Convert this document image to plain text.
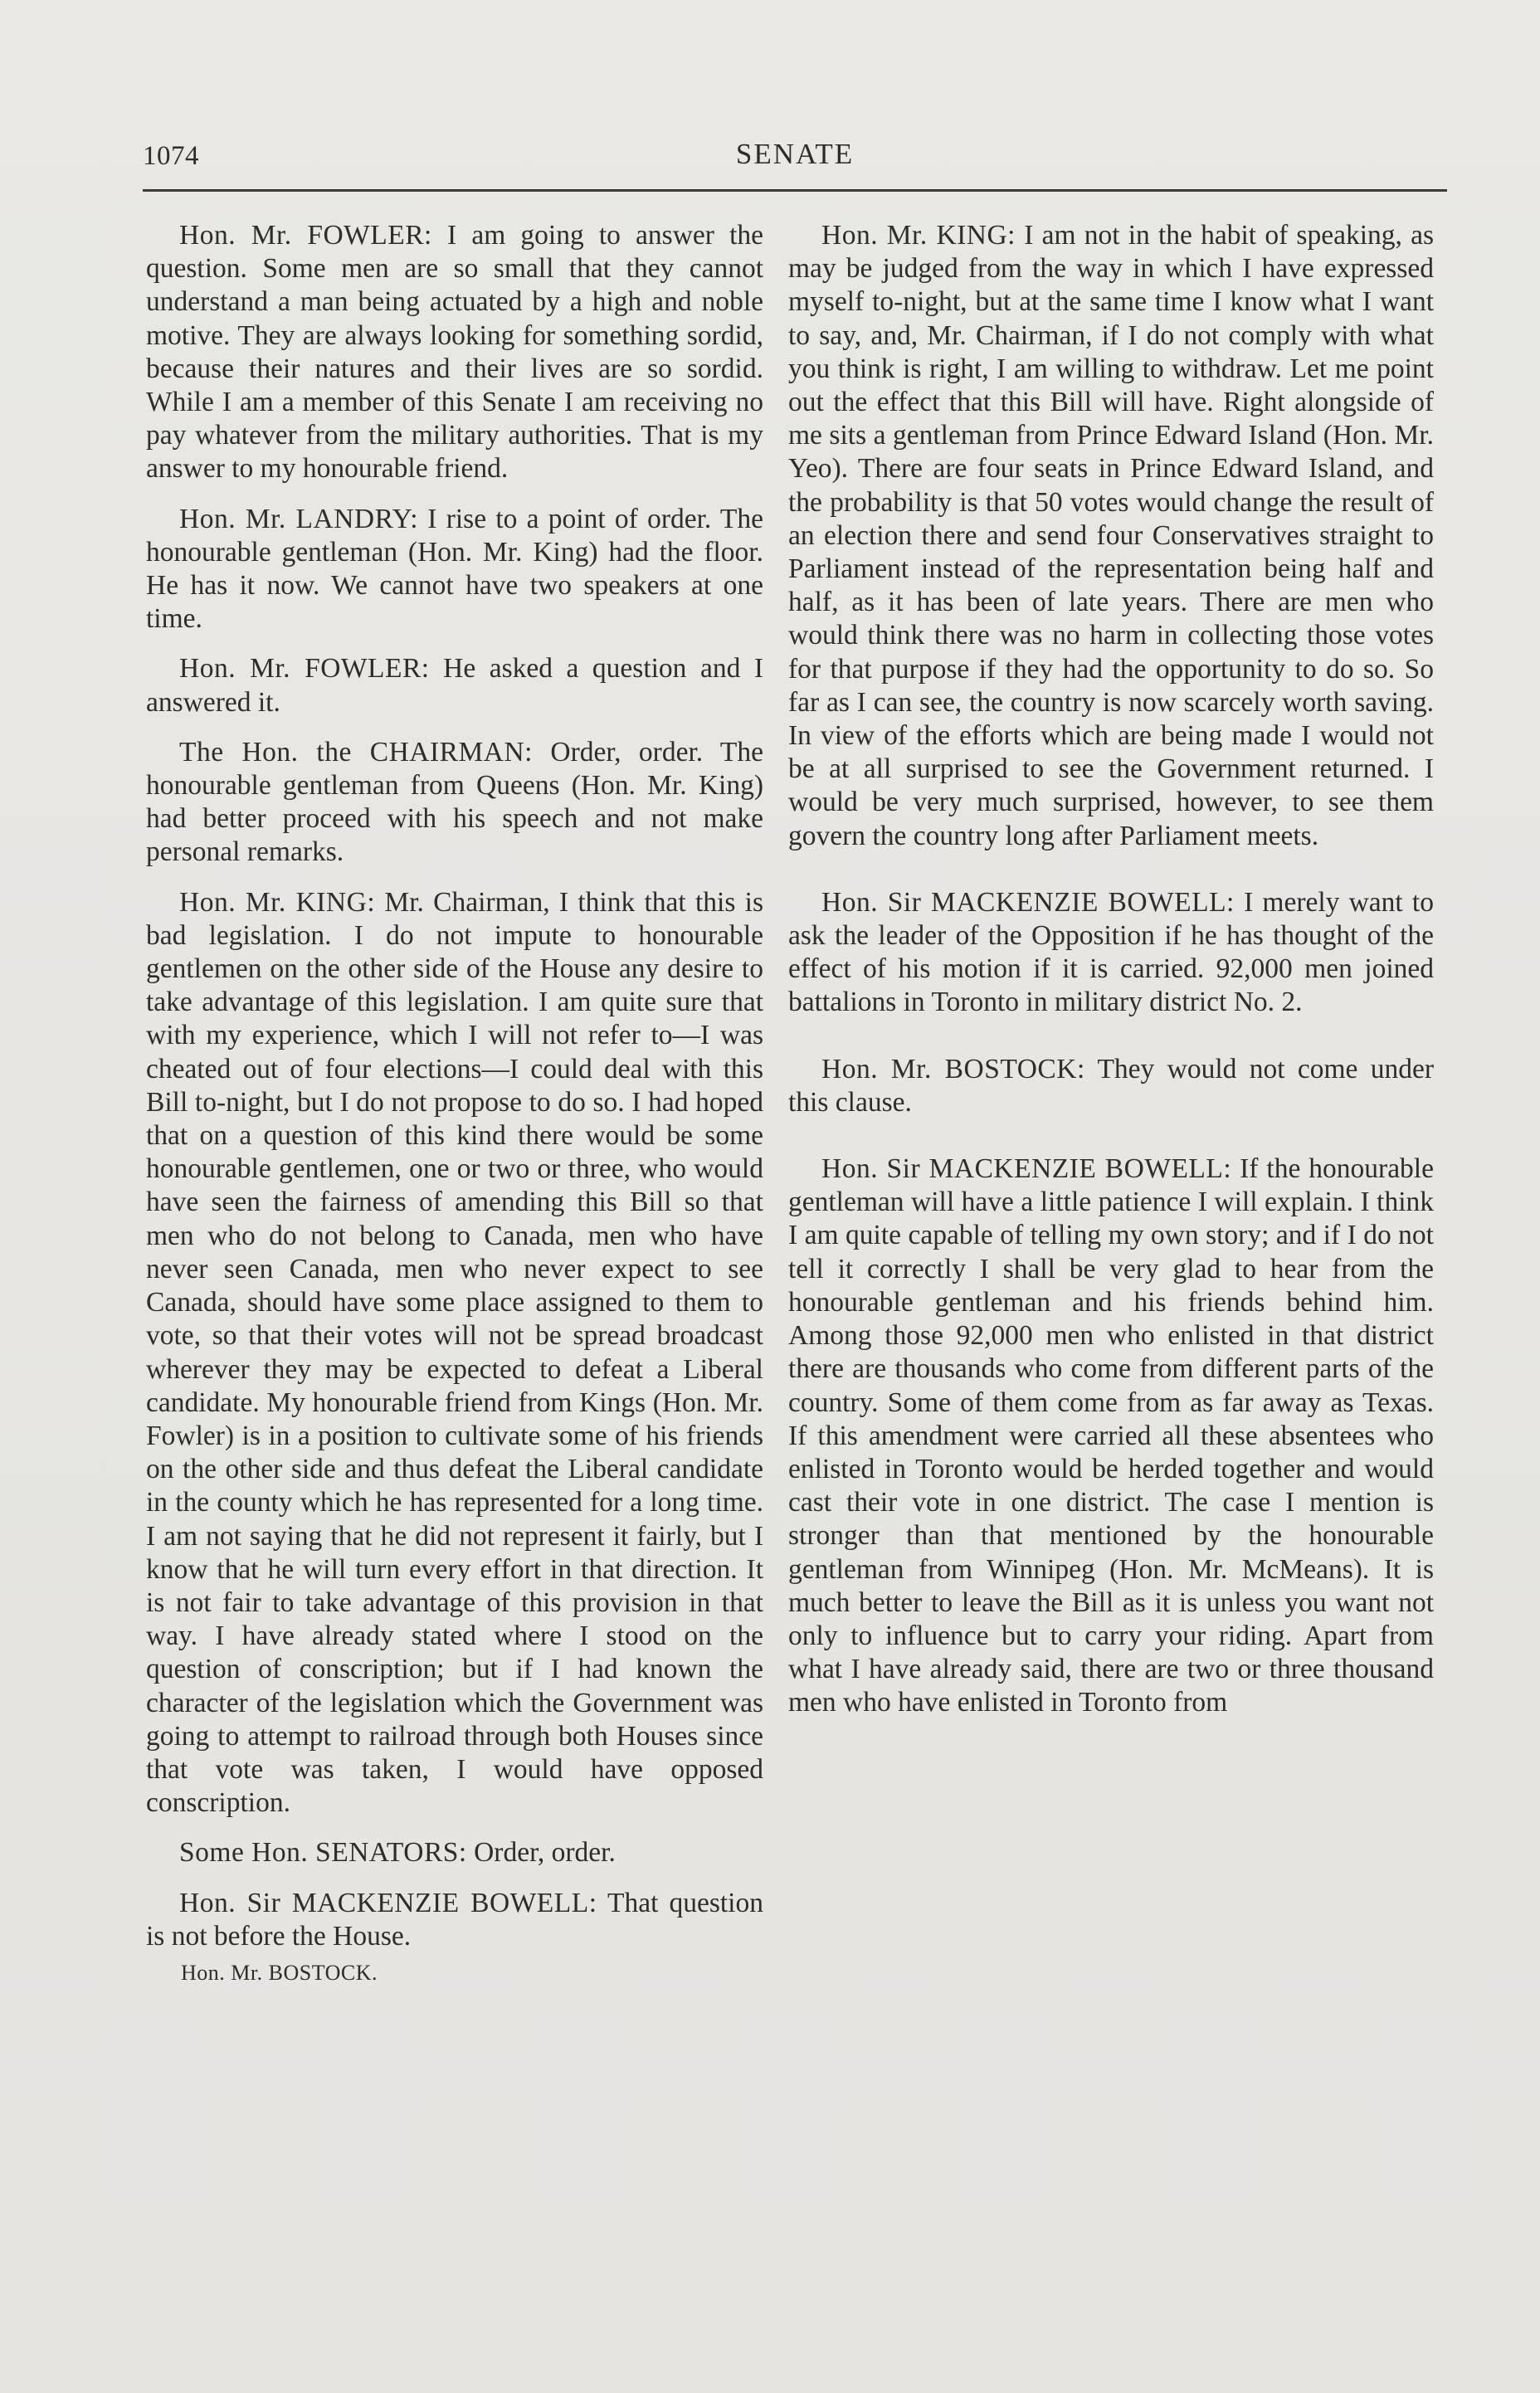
1074	SENATE

Hon. Mr. FOWLER: I am going to answer the question. Some men are so small that they cannot understand a man being actuated by a high and noble motive. They are always looking for something sordid, because their natures and their lives are so sordid. While I am a member of this Senate I am receiving no pay whatever from the military authorities. That is my answer to my honourable friend.

Hon. Mr. LANDRY: I rise to a point of order. The honourable gentleman (Hon. Mr. King) had the floor. He has it now. We cannot have two speakers at one time.

Hon. Mr. FOWLER: He asked a question and I answered it.

The Hon. the CHAIRMAN: Order, order. The honourable gentleman from Queens (Hon. Mr. King) had better proceed with his speech and not make personal remarks.

Hon. Mr. KING: Mr. Chairman, I think that this is bad legislation. I do not impute to honourable gentlemen on the other side of the House any desire to take advantage of this legislation. I am quite sure that with my experience, which I will not refer to—I was cheated out of four elections—I could deal with this Bill to-night, but I do not propose to do so. I had hoped that on a question of this kind there would be some honourable gentlemen, one or two or three, who would have seen the fairness of amending this Bill so that men who do not belong to Canada, men who have never seen Canada, men who never expect to see Canada, should have some place assigned to them to vote, so that their votes will not be spread broadcast wherever they may be expected to defeat a Liberal candidate. My honourable friend from Kings (Hon. Mr. Fowler) is in a position to cultivate some of his friends on the other side and thus defeat the Liberal candidate in the county which he has represented for a long time. I am not saying that he did not represent it fairly, but I know that he will turn every effort in that direction. It is not fair to take advantage of this provision in that way. I have already stated where I stood on the question of conscription; but if I had known the character of the legislation which the Government was going to attempt to railroad through both Houses since that vote was taken, I would have opposed conscription.

Some Hon. SENATORS: Order, order.

Hon. Sir MACKENZIE BOWELL: That question is not before the House.

Hon. Mr. BOSTOCK.

Hon. Mr. KING: I am not in the habit of speaking, as may be judged from the way in which I have expressed myself to-night, but at the same time I know what I want to say, and, Mr. Chairman, if I do not comply with what you think is right, I am willing to withdraw. Let me point out the effect that this Bill will have. Right alongside of me sits a gentleman from Prince Edward Island (Hon. Mr. Yeo). There are four seats in Prince Edward Island, and the probability is that 50 votes would change the result of an election there and send four Conservatives straight to Parliament instead of the representation being half and half, as it has been of late years. There are men who would think there was no harm in collecting those votes for that purpose if they had the opportunity to do so. So far as I can see, the country is now scarcely worth saving. In view of the efforts which are being made I would not be at all surprised to see the Government returned. I would be very much surprised, however, to see them govern the country long after Parliament meets.

Hon. Sir MACKENZIE BOWELL: I merely want to ask the leader of the Opposition if he has thought of the effect of his motion if it is carried. 92,000 men joined battalions in Toronto in military district No. 2.

Hon. Mr. BOSTOCK: They would not come under this clause.

Hon. Sir MACKENZIE BOWELL: If the honourable gentleman will have a little patience I will explain. I think I am quite capable of telling my own story; and if I do not tell it correctly I shall be very glad to hear from the honourable gentleman and his friends behind him. Among those 92,000 men who enlisted in that district there are thousands who come from different parts of the country. Some of them come from as far away as Texas. If this amendment were carried all these absentees who enlisted in Toronto would be herded together and would cast their vote in one district. The case I mention is stronger than that mentioned by the honourable gentleman from Winnipeg (Hon. Mr. McMeans). It is much better to leave the Bill as it is unless you want not only to influence but to carry your riding. Apart from what I have already said, there are two or three thousand men who have enlisted in Toronto from
